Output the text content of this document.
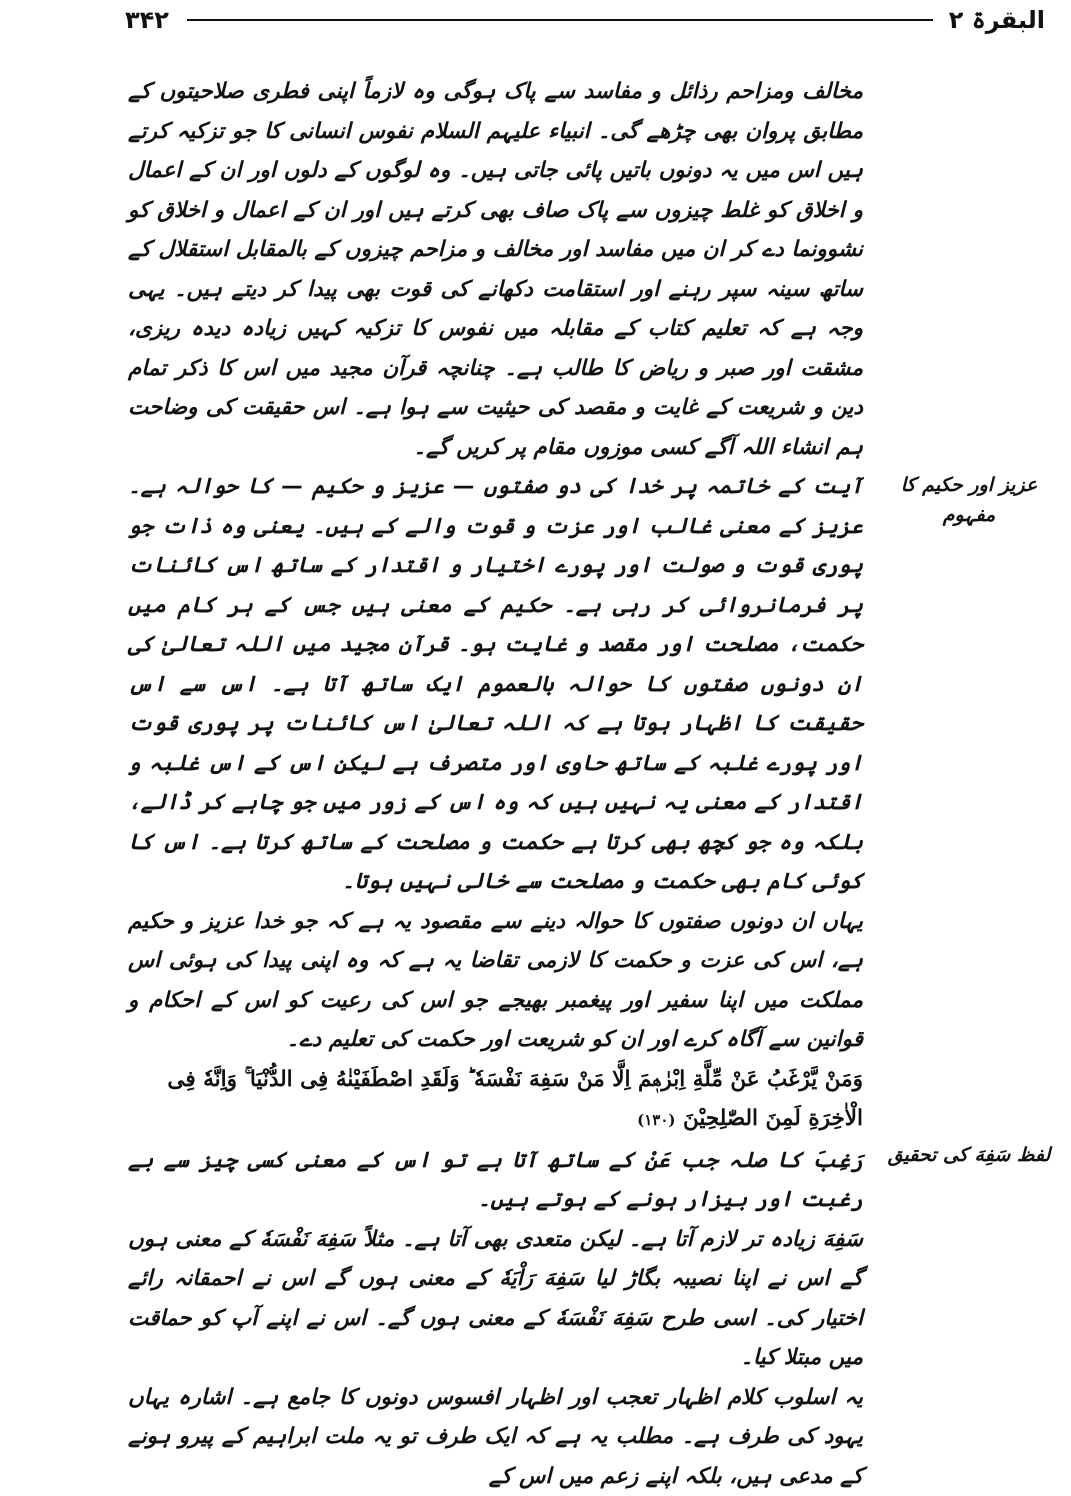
۳۴۲	البقرۃ ۲

مخالف ومزاحم رذائل و مفاسد سے پاک ہوگی وہ لازماً اپنی فطری صلاحیتوں کے مطابق پروان بھی چڑھے گی۔ انبیاء علیہم السلام نفوس انسانی کا جو تزکیہ کرتے ہیں اس میں یہ دونوں باتیں پائی جاتی ہیں۔ وہ لوگوں کے دلوں اور ان کے اعمال و اخلاق کو غلط چیزوں سے پاک صاف بھی کرتے ہیں اور ان کے اعمال و اخلاق کو نشوونما دے کر ان میں مفاسد اور مخالف و مزاحم چیزوں کے بالمقابل استقلال کے ساتھ سینہ سپر رہنے اور استقامت دکھانے کی قوت بھی پیدا کر دیتے ہیں۔ یہی وجہ ہے کہ تعلیم کتاب کے مقابلہ میں نفوس کا تزکیہ کہیں زیادہ دیدہ ریزی، مشقت اور صبر و ریاض کا طالب ہے۔ چنانچہ قرآن مجید میں اس کا ذکر تمام دین و شریعت کے غایت و مقصد کی حیثیت سے ہوا ہے۔ اس حقیقت کی وضاحت ہم انشاء اللہ آگے کسی موزوں مقام پر کریں گے۔

آیت کے خاتمہ پر خدا کی دو صفتوں — عزیز و حکیم — کا حوالہ ہے۔ عزیز کے معنی غالب اور عزت و قوت والے کے ہیں۔ یعنی وہ ذات جو پوری قوت و صولت اور پورے اختیار و اقتدار کے ساتھ اس کائنات پر فرمانروائی کر رہی ہے۔ حکیم کے معنی ہیں جس کے ہر کام میں حکمت، مصلحت اور مقصد و غایت ہو۔ قرآن مجید میں اللہ تعالیٰ کی ان دونوں صفتوں کا حوالہ بالعموم ایک ساتھ آتا ہے۔ اس سے اس حقیقت کا اظہار ہوتا ہے کہ اللہ تعالیٰ اس کائنات پر پوری قوت اور پورے غلبہ کے ساتھ حاوی اور متصرف ہے لیکن اس کے اس غلبہ و اقتدار کے معنی یہ نہیں ہیں کہ وہ اس کے زور میں جو چاہے کر ڈالے، بلکہ وہ جو کچھ بھی کرتا ہے حکمت و مصلحت کے ساتھ کرتا ہے۔ اس کا کوئی کام بھی حکمت و مصلحت سے خالی نہیں ہوتا۔

یہاں ان دونوں صفتوں کا حوالہ دینے سے مقصود یہ ہے کہ جو خدا عزیز و حکیم ہے، اس کی عزت و حکمت کا لازمی تقاضا یہ ہے کہ وہ اپنی پیدا کی ہوئی اس مملکت میں اپنا سفیر اور پیغمبر بھیجے جو اس کی رعیت کو اس کے احکام و قوانین سے آگاہ کرے اور ان کو شریعت اور حکمت کی تعلیم دے۔

وَمَنْ يَّرْغَبُ عَنْ مِّلَّةِ اِبْرٰهٖمَ اِلَّا مَنْ سَفِهَ نَفْسَهٗ ؕ وَلَقَدِ اصْطَفَيْنٰهُ فِى الدُّنْيَا ۚ وَاِنَّهٗ فِى الْاٰخِرَةِ لَمِنَ الصّٰلِحِيْنَ (۱۳۰)

رَغِبَ کا صلہ جب عَنْ کے ساتھ آتا ہے تو اس کے معنی کسی چیز سے بے رغبت اور بیزار ہونے کے ہوتے ہیں۔

سَفِهَ زیادہ تر لازم آتا ہے۔ لیکن متعدی بھی آتا ہے۔ مثلاً سَفِهَ نَفْسَهٗ کے معنی ہوں گے اس نے اپنا نصیبہ بگاڑ لیا سَفِهَ رَاْیَهٗ کے معنی ہوں گے اس نے احمقانہ رائے اختیار کی۔ اسی طرح سَفِهَ نَفْسَهٗ کے معنی ہوں گے۔ اس نے اپنے آپ کو حماقت میں مبتلا کیا۔

یہ اسلوب کلام اظہار تعجب اور اظہار افسوس دونوں کا جامع ہے۔ اشارہ یہاں یہود کی طرف ہے۔ مطلب یہ ہے کہ ایک طرف تو یہ ملت ابراہیم کے پیرو ہونے کے مدعی ہیں، بلکہ اپنے زعم میں اس کے

عزیز اور حکیم کا مفہوم
لفظ سَفِهَ کی تحقیق
